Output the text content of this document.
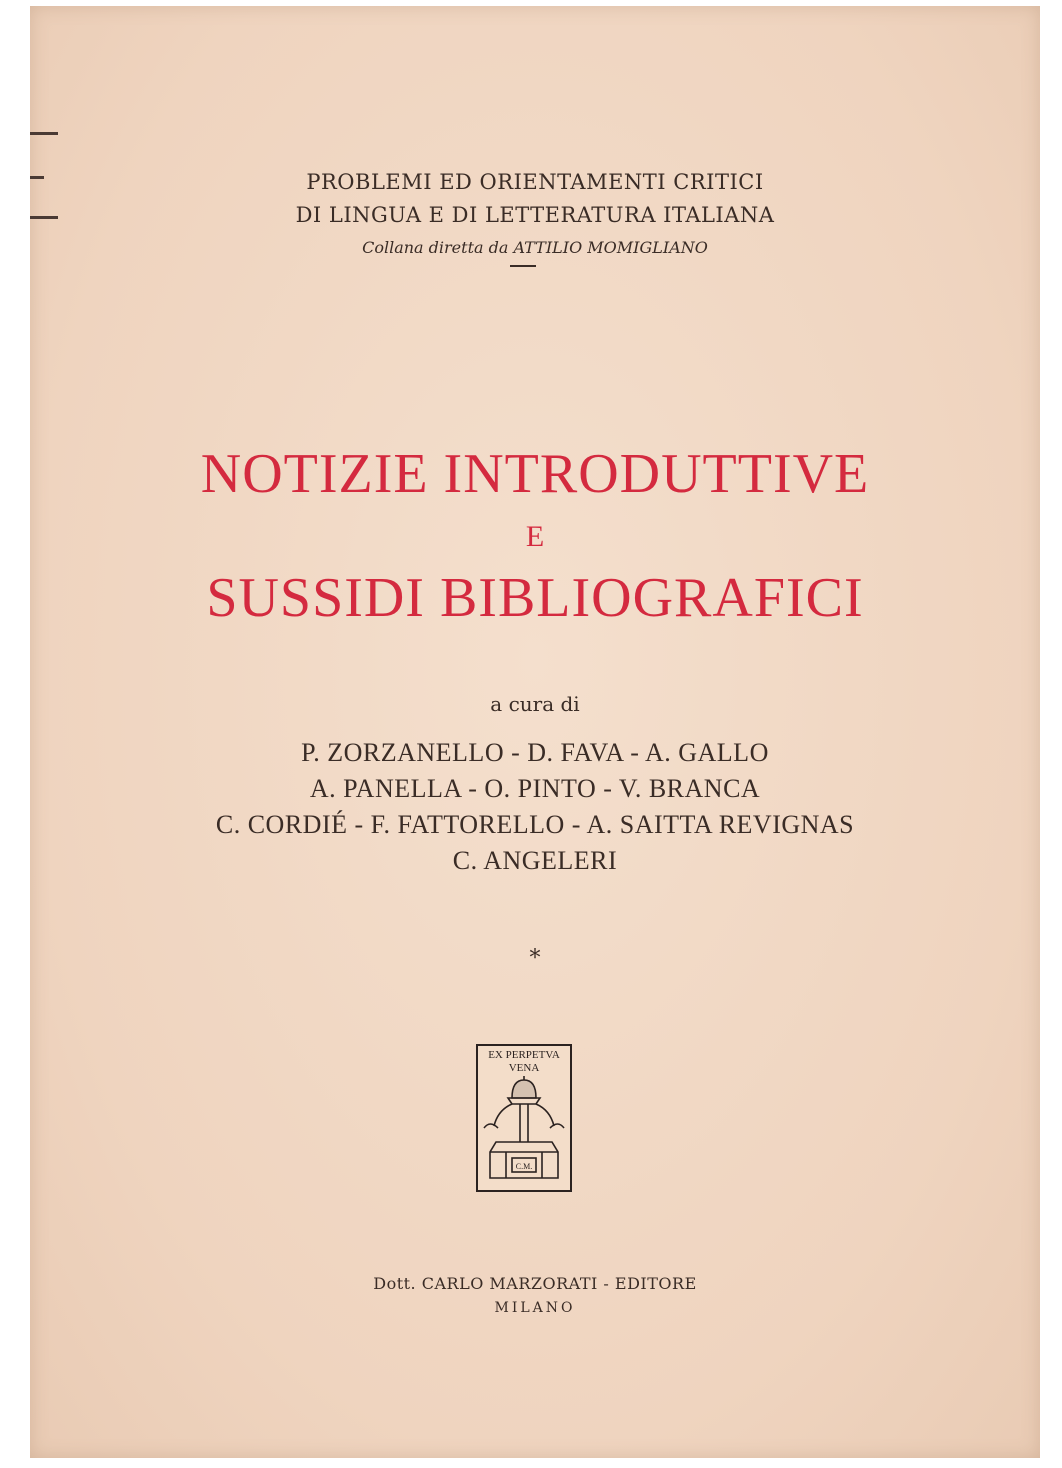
PROBLEMI ED ORIENTAMENTI CRITICI
DI LINGUA E DI LETTERATURA ITALIANA
Collana diretta da ATTILIO MOMIGLIANO
NOTIZIE INTRODUTTIVE
E
SUSSIDI BIBLIOGRAFICI
a cura di
P. ZORZANELLO - D. FAVA - A. GALLO
A. PANELLA - O. PINTO - V. BRANCA
C. CORDIÉ - F. FATTORELLO - A. SAITTA REVIGNAS
C. ANGELERI
*
EX PERPETVA
VENA
C.M.
Dott. CARLO MARZORATI - EDITORE
MILANO
